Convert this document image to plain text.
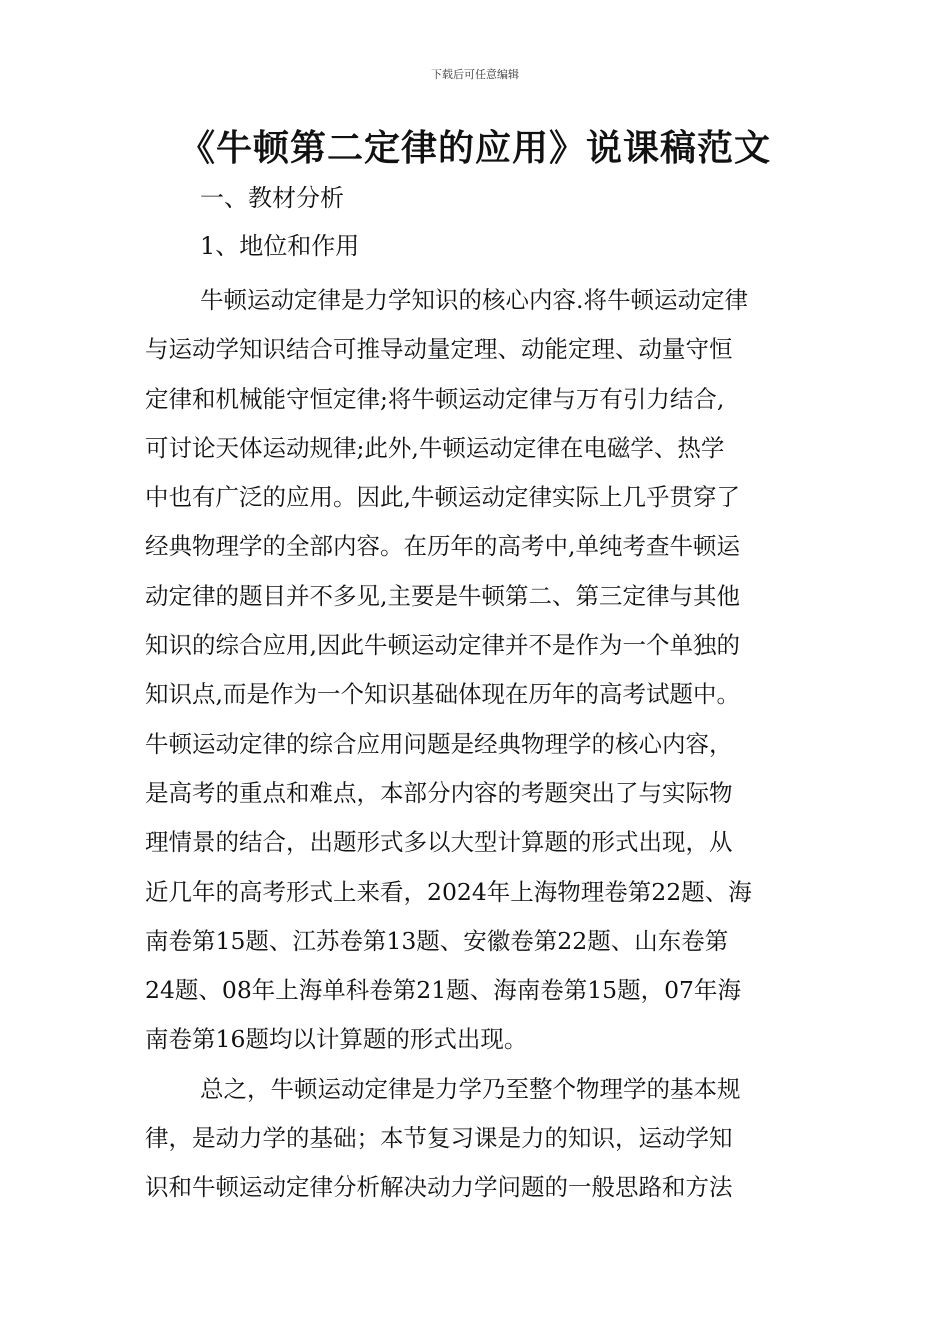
下载后可任意编辑
《牛顿第二定律的应用》说课稿范文
一、教材分析
1、地位和作用
牛顿运动定律是力学知识的核心内容.将牛顿运动定律
与运动学知识结合可推导动量定理、动能定理、动量守恒
定律和机械能守恒定律;将牛顿运动定律与万有引力结合,
可讨论天体运动规律;此外,牛顿运动定律在电磁学、热学
中也有广泛的应用。因此,牛顿运动定律实际上几乎贯穿了
经典物理学的全部内容。在历年的高考中,单纯考查牛顿运
动定律的题目并不多见,主要是牛顿第二、第三定律与其他
知识的综合应用,因此牛顿运动定律并不是作为一个单独的
知识点,而是作为一个知识基础体现在历年的高考试题中。
牛顿运动定律的综合应用问题是经典物理学的核心内容，
是高考的重点和难点，本部分内容的考题突出了与实际物
理情景的结合，出题形式多以大型计算题的形式出现，从
近几年的高考形式上来看，2024年上海物理卷第22题、海
南卷第15题、江苏卷第13题、安徽卷第22题、山东卷第
24题、08年上海单科卷第21题、海南卷第15题，07年海
南卷第16题均以计算题的形式出现。
总之，牛顿运动定律是力学乃至整个物理学的基本规
律，是动力学的基础；本节复习课是力的知识，运动学知
识和牛顿运动定律分析解决动力学问题的一般思路和方法
